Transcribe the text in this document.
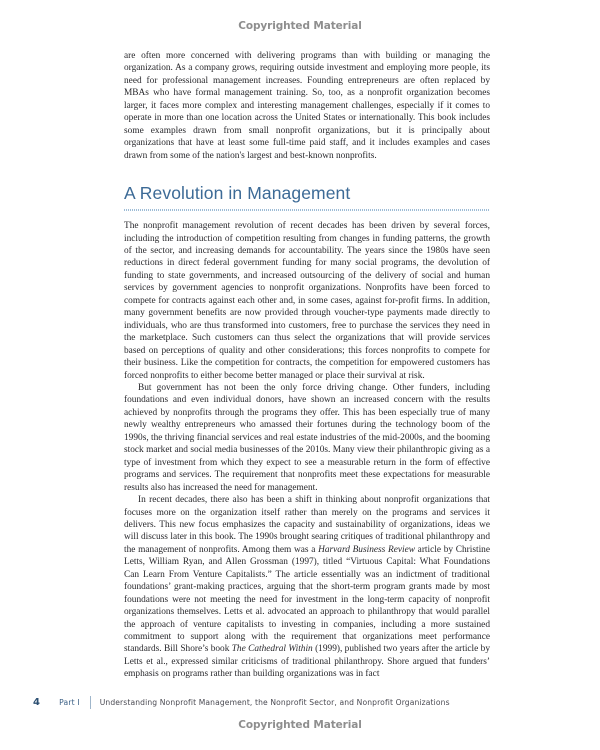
Copyrighted Material

are often more concerned with delivering programs than with building or managing the organization. As a company grows, requiring outside investment and employing more people, its need for professional management increases. Founding entrepreneurs are often replaced by MBAs who have formal management training. So, too, as a nonprofit organization becomes larger, it faces more complex and interesting management challenges, especially if it comes to operate in more than one location across the United States or internationally. This book includes some examples drawn from small nonprofit organizations, but it is principally about organizations that have at least some full-time paid staff, and it includes examples and cases drawn from some of the nation's largest and best-known nonprofits.

A Revolution in Management

The nonprofit management revolution of recent decades has been driven by several forces, including the introduction of competition resulting from changes in funding patterns, the growth of the sector, and increasing demands for accountability. The years since the 1980s have seen reductions in direct federal government funding for many social programs, the devolution of funding to state governments, and increased outsourcing of the delivery of social and human services by government agencies to nonprofit organizations. Nonprofits have been forced to compete for contracts against each other and, in some cases, against for-profit firms. In addition, many government benefits are now provided through voucher-type payments made directly to individuals, who are thus transformed into customers, free to purchase the services they need in the marketplace. Such customers can thus select the organizations that will provide services based on perceptions of quality and other considerations; this forces nonprofits to compete for their business. Like the competition for contracts, the competition for empowered customers has forced nonprofits to either become better managed or place their survival at risk.

But government has not been the only force driving change. Other funders, including foundations and even individual donors, have shown an increased concern with the results achieved by nonprofits through the programs they offer. This has been especially true of many newly wealthy entrepreneurs who amassed their fortunes during the technology boom of the 1990s, the thriving financial services and real estate industries of the mid-2000s, and the booming stock market and social media businesses of the 2010s. Many view their philanthropic giving as a type of investment from which they expect to see a measurable return in the form of effective programs and services. The requirement that nonprofits meet these expectations for measurable results also has increased the need for management.

In recent decades, there also has been a shift in thinking about nonprofit organizations that focuses more on the organization itself rather than merely on the programs and services it delivers. This new focus emphasizes the capacity and sustainability of organizations, ideas we will discuss later in this book. The 1990s brought searing critiques of traditional philanthropy and the management of nonprofits. Among them was a Harvard Business Review article by Christine Letts, William Ryan, and Allen Grossman (1997), titled “Virtuous Capital: What Foundations Can Learn From Venture Capitalists.” The article essentially was an indictment of traditional foundations’ grant-making practices, arguing that the short-term program grants made by most foundations were not meeting the need for investment in the long-term capacity of nonprofit organizations themselves. Letts et al. advocated an approach to philanthropy that would parallel the approach of venture capitalists to investing in companies, including a more sustained commitment to support along with the requirement that organizations meet performance standards. Bill Shore’s book The Cathedral Within (1999), published two years after the article by Letts et al., expressed similar criticisms of traditional philanthropy. Shore argued that funders’ emphasis on programs rather than building organizations was in fact

4	Part I	Understanding Nonprofit Management, the Nonprofit Sector, and Nonprofit Organizations
Copyrighted Material
